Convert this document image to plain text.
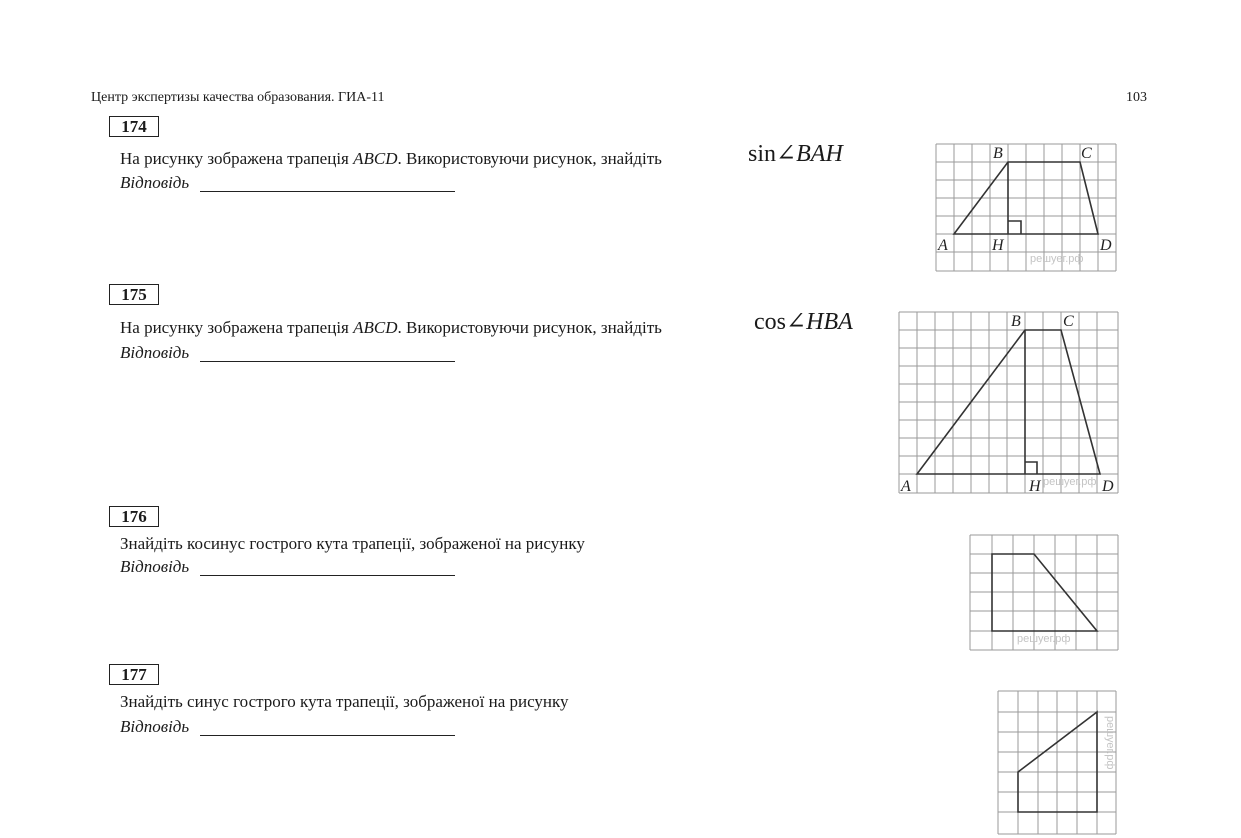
Центр экспертизы качества образования. ГИА-11	103
174
На рисунку зображена трапеція ABCD. Використовуючи рисунок, знайдіть	sin∠BAH
Відповідь
решуег.рф
A
B	C
D
H
175
На рисунку зображена трапеція ABCD. Використовуючи рисунок, знайдіть	cos∠HBA
Відповідь
решуег.рф
A
B	C
D
H
176
Знайдіть косинус гострого кута трапеції, зображеної на рисунку
Відповідь
решуег.рф
177
Знайдіть синус гострого кута трапеції, зображеної на рисунку
Відповідь	решуег.рф
